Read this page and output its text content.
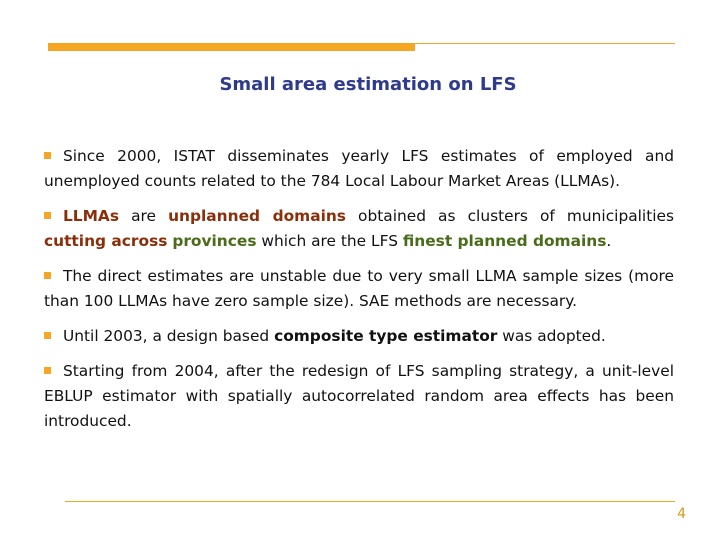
Small area estimation on LFS

Since 2000, ISTAT disseminates yearly LFS estimates of employed and unemployed counts related to the 784 Local Labour Market Areas (LLMAs).

LLMAs are unplanned domains obtained as clusters of municipalities cutting across provinces which are the LFS finest planned domains.

The direct estimates are unstable due to very small LLMA sample sizes (more than 100 LLMAs have zero sample size). SAE methods are necessary.

Until 2003, a design based composite type estimator was adopted.

Starting from 2004, after the redesign of LFS sampling strategy, a unit-level EBLUP estimator with spatially autocorrelated random area effects has been introduced.

4
